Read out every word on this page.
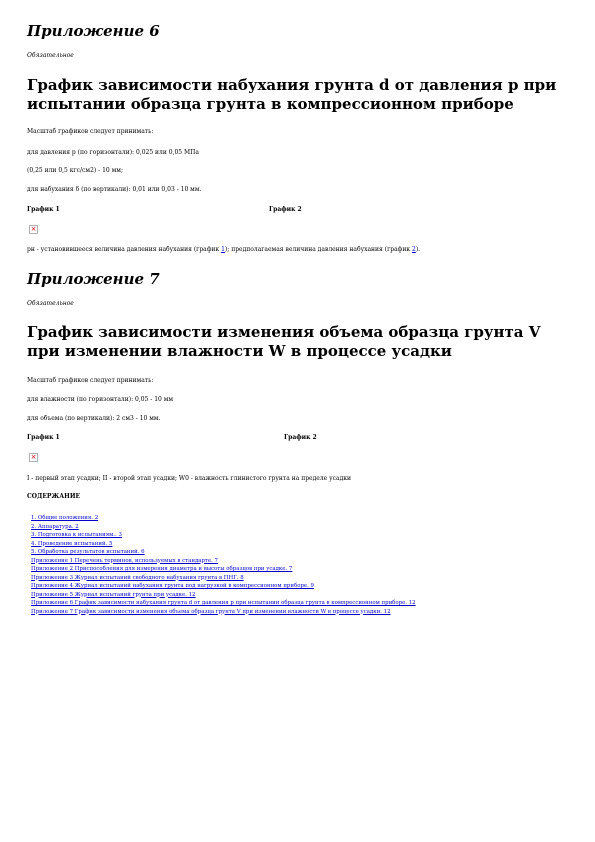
Приложение 6
Обязательное
График зависимости набухания грунта d от давления p при испытании образца грунта в компрессионном приборе
Масштаб графиков следует принимать:
для давления p (по горизонтали): 0,025 или 0,05 МПа
(0,25 или 0,5 кгс/см2) - 10 мм;
для набухания δ (по вертикали): 0,01 или 0,03 - 10 мм.
График 1	График 2
×
pн - установившееся величина давления набухания (график 1); предполагаемая величина давления набухания (график 2).
Приложение 7
Обязательное
График зависимости изменения объема образца грунта V при изменении влажности W в процессе усадки
Масштаб графиков следует принимать:
для влажности (по горизонтали): 0,05 - 10 мм
для объема (по вертикали): 2 см3 - 10 мм.
График 1	График 2
×
I - первый этап усадки; II - второй этап усадки; W0 - влажность глинистого грунта на пределе усадки
СОДЕРЖАНИЕ
1. Общие положения. 2
2. Аппаратура. 2
3. Подготовка к испытаниям.. 3
4. Проведение испытаний. 5
5. Обработка результатов испытаний. 6
Приложение 1 Перечень терминов, используемых в стандарте. 7
Приложение 2 Приспособления для измерения диаметра и высоты образцов при усадке. 7
Приложение 3 Журнал испытаний свободного набухания грунта в ПНГ. 8
Приложение 4 Журнал испытаний набухания грунта под нагрузкой в компрессионном приборе. 9
Приложение 5 Журнал испытаний грунта при усадке. 12
Приложение 6 График зависимости набухания грунта d от давления p при испытании образца грунта в компрессионном приборе. 12
Приложение 7 График зависимости изменения объема образца грунта V при изменении влажности W в процессе усадки. 12
